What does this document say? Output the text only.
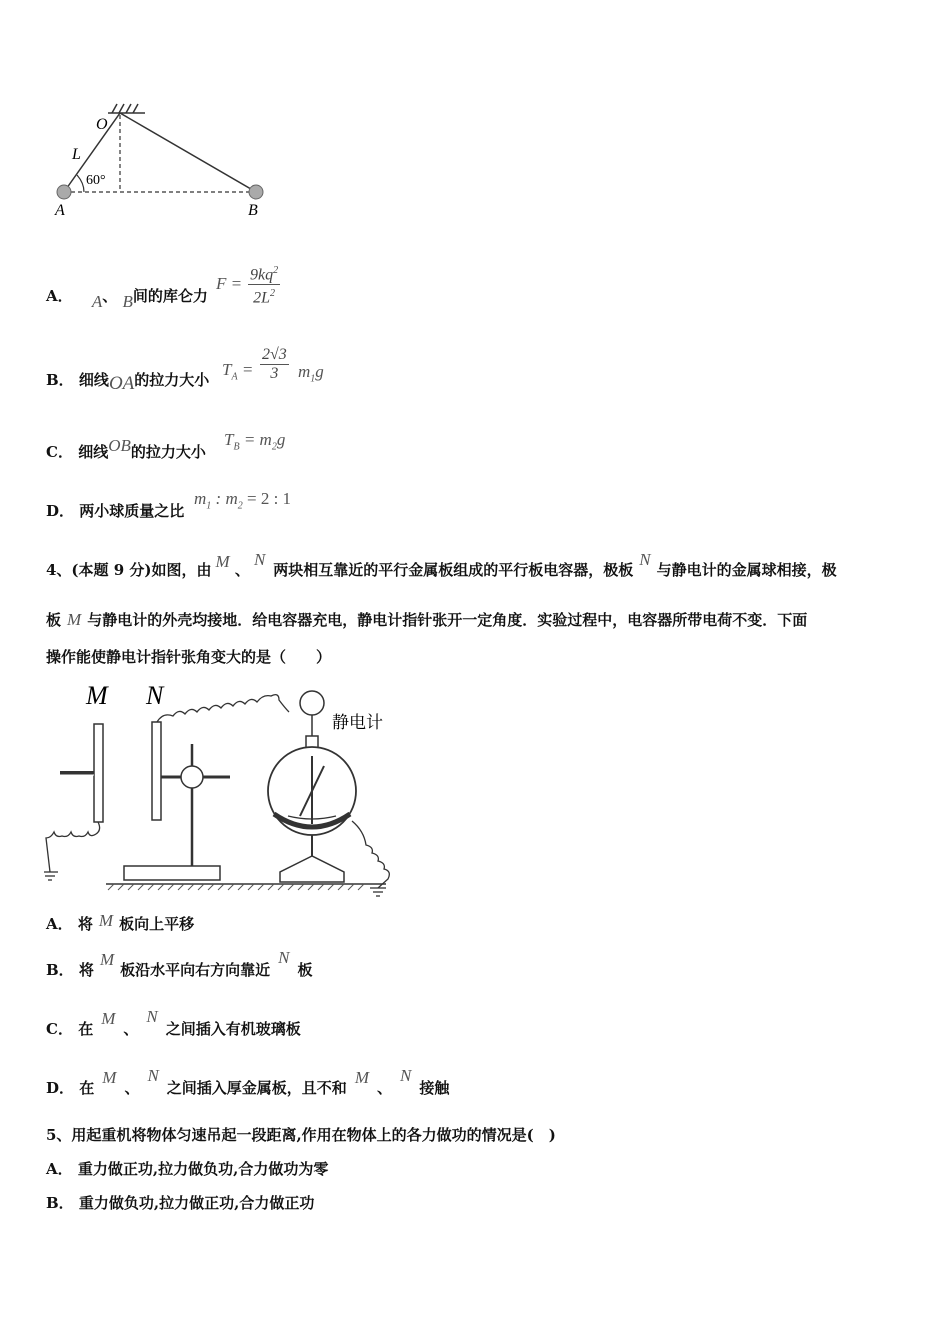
O
L
60°
A	B
A． A、 B间的库仑力
$F = \frac{9kq^2}{2L^2}$
B． 细线OA的拉力大小
$T_A = \frac{2√3}{3} m_1g$
C． 细线OB的拉力大小
$T_B = m_2g$
D． 两小球质量之比
$m_1$ : $m_2 = 2$ : 1
4、(本题 9 分)如图，由 M 、N两块相互靠近的平行金属板组成的平行板电容器，极板N与静电计的金属球相接，极
板 M 与静电计的外壳均接地．给电容器充电，静电计指针张开一定角度．实验过程中，电容器所带电荷不变．下面
操作能使静电计指针张角变大的是（　　）
M N
静电计
A． 将 M 板向上平移
B． 将M板沿水平向右方向靠近N板
C． 在M、N之间插入有机玻璃板
D． 在M、N之间插入厚金属板，且不和M、N接触
5、用起重机将物体匀速吊起一段距离,作用在物体上的各力做功的情况是(　)
A． 重力做正功,拉力做负功,合力做功为零
B． 重力做负功,拉力做正功,合力做正功
